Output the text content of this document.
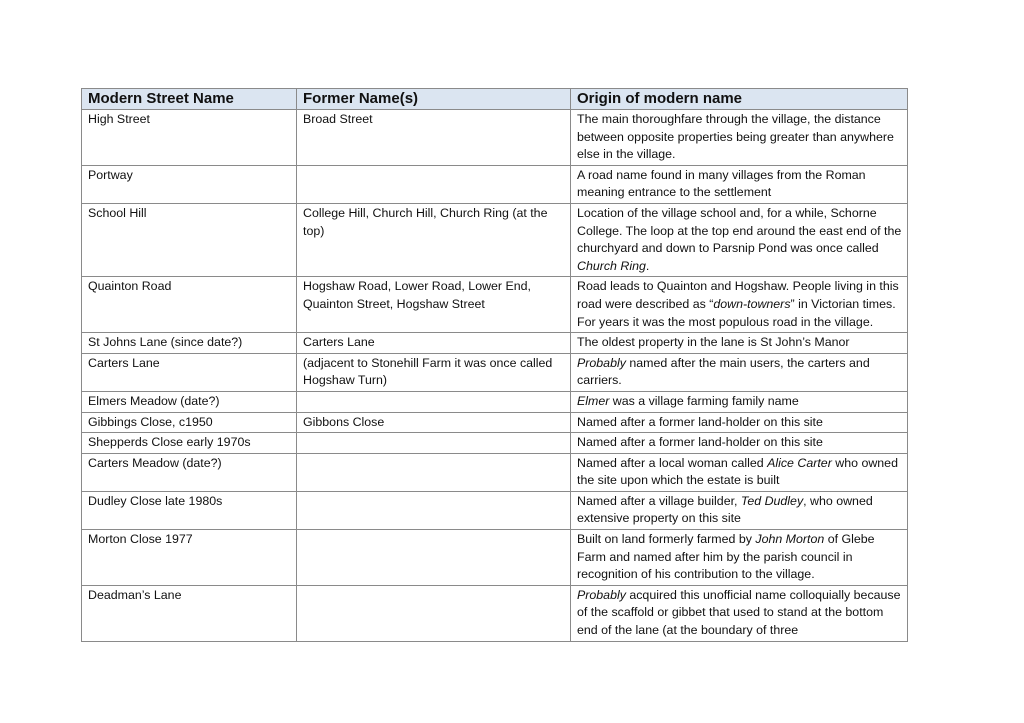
Modern Street Name	Former Name(s)	Origin of modern name
High Street	Broad Street	The main thoroughfare through the village, the distance between opposite properties being greater than anywhere else in the village.
Portway		A road name found in many villages from the Roman meaning entrance to the settlement
School Hill	College Hill, Church Hill, Church Ring (at the top)	Location of the village school and, for a while, Schorne College. The loop at the top end around the east end of the churchyard and down to Parsnip Pond was once called Church Ring.
Quainton Road	Hogshaw Road, Lower Road, Lower End, Quainton Street, Hogshaw Street	Road leads to Quainton and Hogshaw. People living in this road were described as “down-towners” in Victorian times. For years it was the most populous road in the village.
St Johns Lane (since date?)	Carters Lane	The oldest property in the lane is St John’s Manor
Carters Lane	(adjacent to Stonehill Farm it was once called Hogshaw Turn)	Probably named after the main users, the carters and carriers.
Elmers Meadow (date?)		Elmer was a village farming family name
Gibbings Close, c1950	Gibbons Close	Named after a former land-holder on this site
Shepperds Close early 1970s		Named after a former land-holder on this site
Carters Meadow (date?)		Named after a local woman called Alice Carter who owned the site upon which the estate is built
Dudley Close late 1980s		Named after a village builder, Ted Dudley, who owned extensive property on this site
Morton Close 1977		Built on land formerly farmed by John Morton of Glebe Farm and named after him by the parish council in recognition of his contribution to the village.
Deadman’s Lane		Probably acquired this unofficial name colloquially because of the scaffold or gibbet that used to stand at the bottom end of the lane (at the boundary of three
